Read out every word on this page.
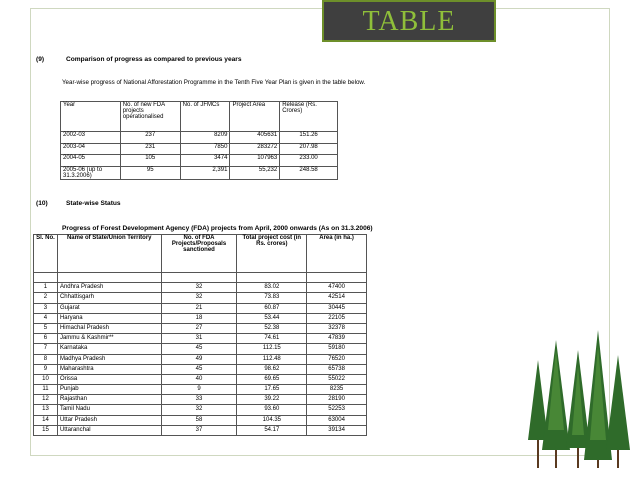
TABLE
(9)	Comparison of progress as compared to previous years
Year-wise progress of National Afforestation Programme in the Tenth Five Year Plan is given in the table below.
Year	No. of new FDA projects operationalised	No. of JFMCs	Project Area	Release (Rs. Crores)
2002-03	237	8209	405631	151.26
2003-04	231	7850	283272	207.98
2004-05	105	3474	107963	233.00
2005-06 (up to 31.3.2006)	95	2,391	55,232	248.58
(10)	State-wise Status
Progress of Forest Development Agency (FDA) projects from April, 2000 onwards (As on 31.3.2006)
Sl. No.	Name of State/Union Territory	No. of FDA Projects/Proposals sanctioned	Total project cost (in Rs. crores)	Area (in ha.)

1	Andhra Pradesh	32	83.02	47400
2	Chhattisgarh	32	73.83	42514
3	Gujarat	21	60.87	30445
4	Haryana	18	53.44	22105
5	Himachal Pradesh	27	52.38	32378
6	Jammu & Kashmir**	31	74.61	47839
7	Karnataka	45	112.15	59180
8	Madhya Pradesh	49	112.48	76520
9	Maharashtra	45	98.62	65738
10	Orissa	40	69.65	55022
11	Punjab	9	17.65	8235
12	Rajasthan	33	39.22	28190
13	Tamil Nadu	32	93.60	52253
14	Uttar Pradesh	58	104.35	63004
15	Uttaranchal	37	54.17	39134
